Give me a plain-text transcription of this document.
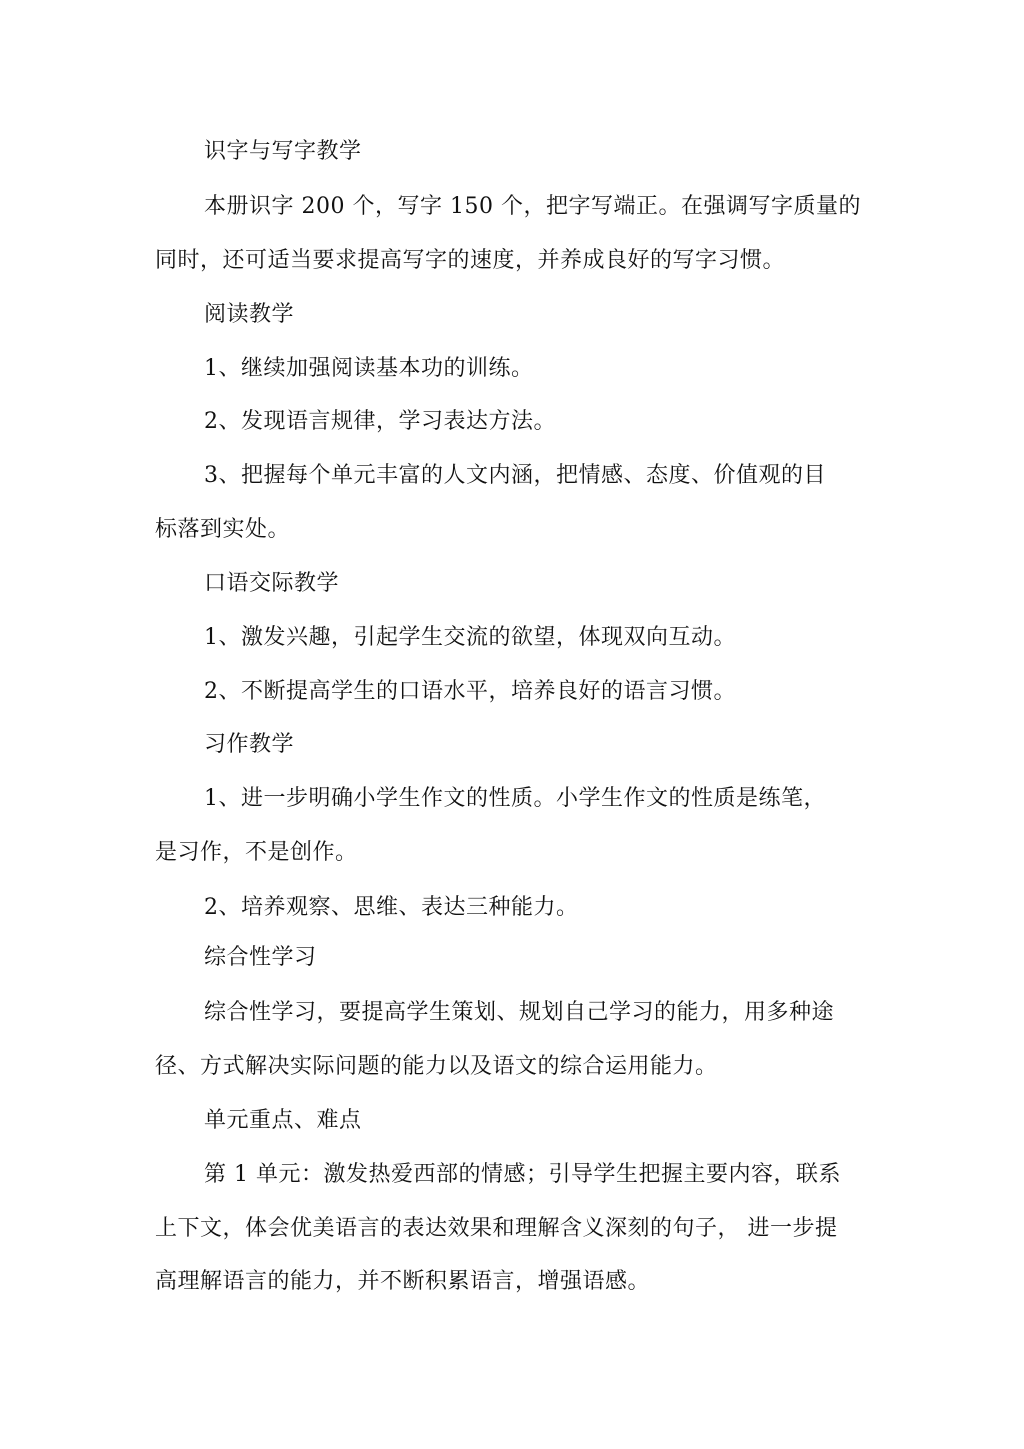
识字与写字教学
本册识字 200 个，写字 150 个，把字写端正。在强调写字质量的
同时，还可适当要求提高写字的速度，并养成良好的写字习惯。
阅读教学
1、继续加强阅读基本功的训练。
2、发现语言规律，学习表达方法。
3、把握每个单元丰富的人文内涵，把情感、态度、价值观的目
标落到实处。
口语交际教学
1、激发兴趣，引起学生交流的欲望，体现双向互动。
2、不断提高学生的口语水平，培养良好的语言习惯。
习作教学
1、进一步明确小学生作文的性质。小学生作文的性质是练笔，
是习作，不是创作。
2、培养观察、思维、表达三种能力。
综合性学习
综合性学习，要提高学生策划、规划自己学习的能力，用多种途
径、方式解决实际问题的能力以及语文的综合运用能力。
单元重点、难点
第 1 单元：激发热爱西部的情感；引导学生把握主要内容，联系
上下文，体会优美语言的表达效果和理解含义深刻的句子， 进一步提
高理解语言的能力，并不断积累语言，增强语感。
